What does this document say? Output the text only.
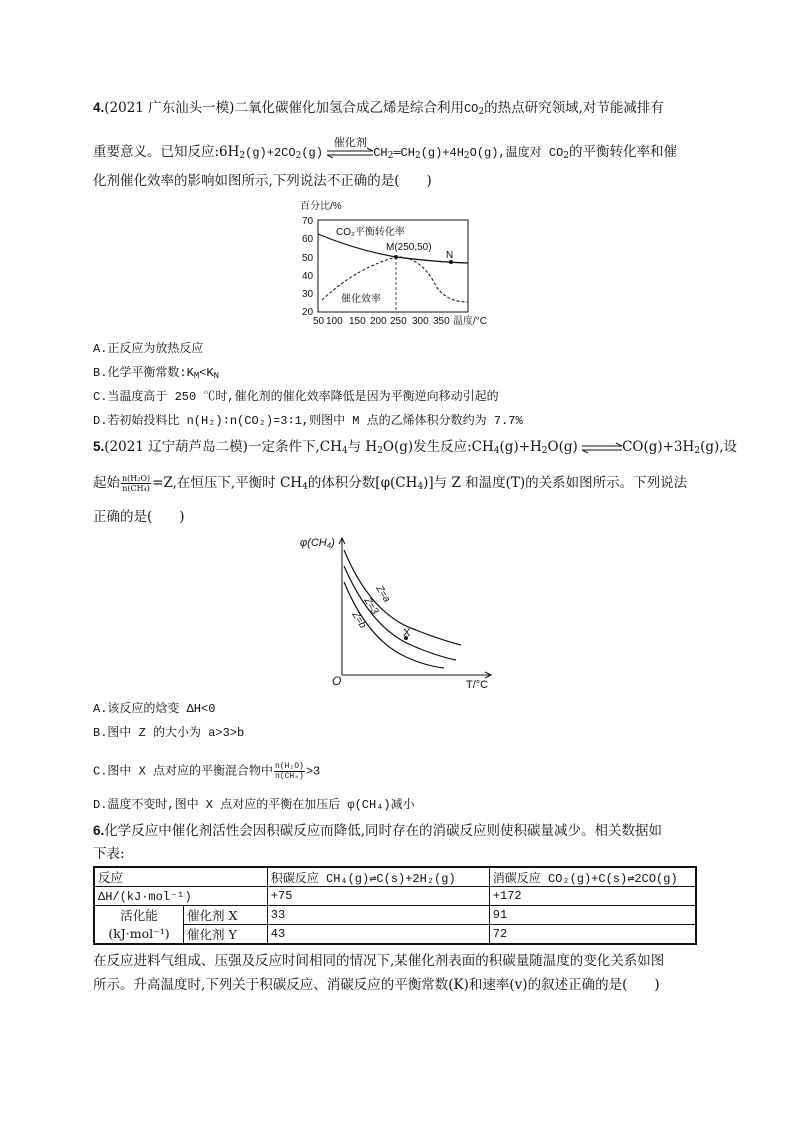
4.(2021 广东汕头一模)二氧化碳催化加氢合成乙烯是综合利用$CO_2$的热点研究领域,对节能减排有
重要意义。已知反应$:6H_2(g)+2CO_2(g)$
催化剂
$CH_2═CH_2(g)+4H_2O(g)$,温度对 $CO_2$的平衡转化率和催
化剂催化效率的影响如图所示,下列说法不正确的是(　　)
百分比/%
70
60
50
40
30
20
50 100 150 200 250 300 350 温度/°C
CO₂平衡转化率
M(250,50)
N
催化效率
A.正反应为放热反应
B.化学平衡常数$:K_M<K_N$
C.当温度高于 250 ℃时,催化剂的催化效率降低是因为平衡逆向移动引起的
D.若初始投料比 n(H₂)∶n(CO₂)=3∶1,则图中 M 点的乙烯体积分数约为 7.7%
5.(2021 辽宁葫芦岛二模)一定条件下$,CH_4$与 $H_2O(g)$发生反应$:CH_4(g)+H_2O(g)$ $\rightleftharpoons CO(g)+3H_2(g)$,设
起始 $\frac{\text{n(H₂O)}}{\text{n(CH₄)}} =Z$,在恒压下,平衡时 $CH_4$的体积分数$[\varphi(CH_4)]$与 Z 和温度(T)的关系如图所示。下列说法
正确的是(　　)
φ(CH₄)
O	T/°C
Z=a
Z=3
Z=b
X
A.该反应的焓变 ΔH<0
B.图中 Z 的大小为 a>3>b
C.图中 X 点对应的平衡混合物中 $\frac{\text{n(H₂O)}}{\text{n(CH₄)}} >3$
D.温度不变时,图中 X 点对应的平衡在加压后 φ(CH₄)减小
6.化学反应中催化剂活性会因积碳反应而降低,同时存在的消碳反应则使积碳量减少。相关数据如
下表:
反应		积碳反应 CH₄(g)⇌C(s)+2H₂(g)	消碳反应 CO₂(g)+C(s)⇌2CO(g)
ΔH/(kJ·mol⁻¹)		+75	+172
活化能
(kJ·mol⁻¹)	催化剂 X	33	91
	催化剂 Y	43	72
在反应进料气组成、压强及反应时间相同的情况下,某催化剂表面的积碳量随温度的变化关系如图
所示。升高温度时,下列关于积碳反应、消碳反应的平衡常数(K)和速率(v)的叙述正确的是(　　)
